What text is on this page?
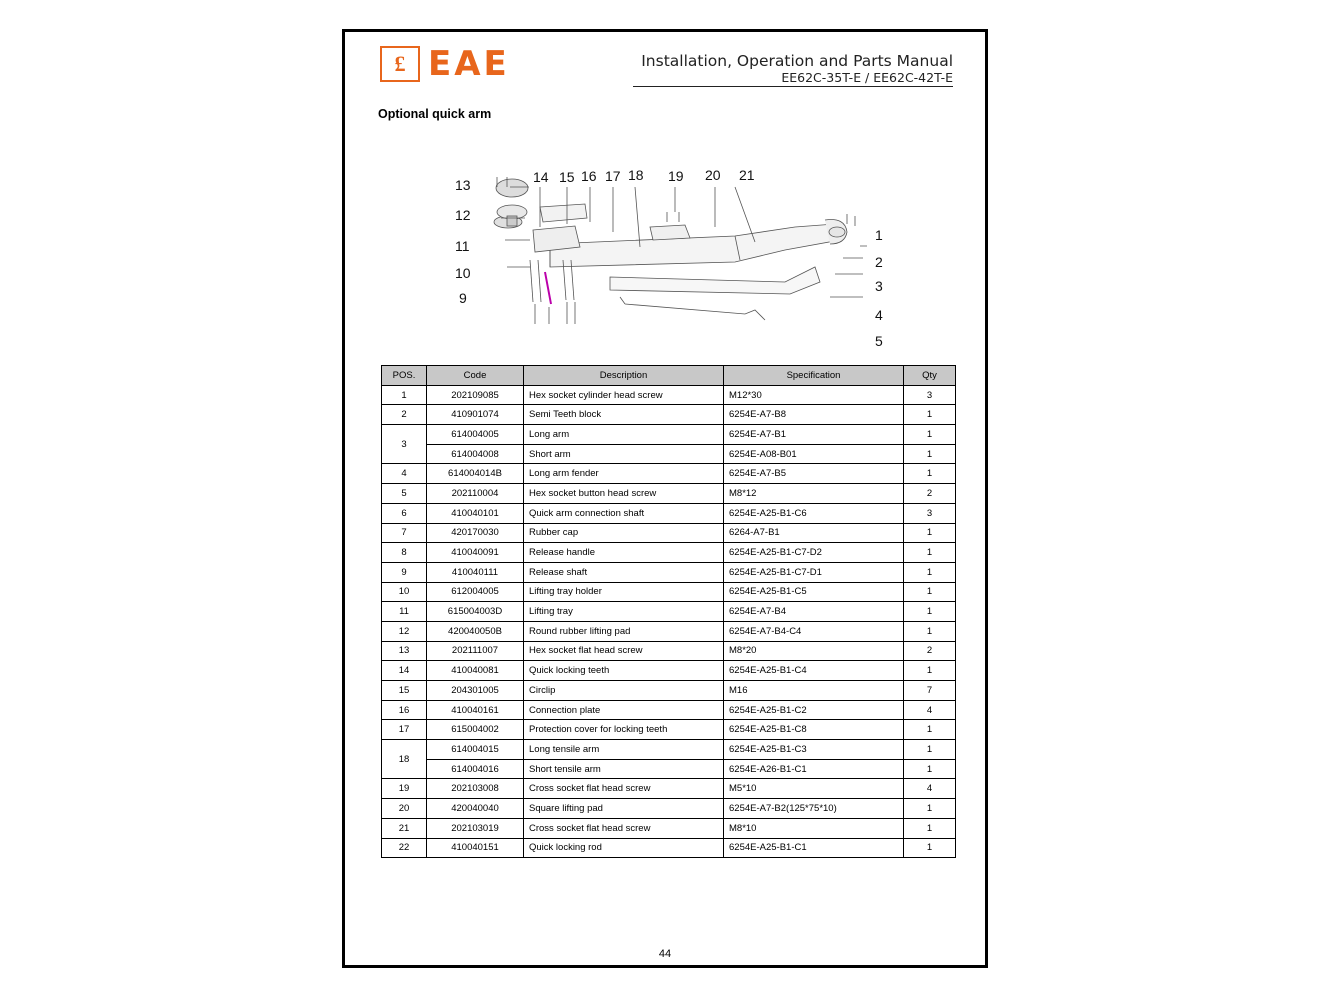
£ EAE	Installation, Operation and Parts Manual
EE62C-35T-E / EE62C-42T-E
Optional quick arm
13
12
11
10
9
14 15 16 17 18 19 20 21
1
2
3
4
5
POS.	Code	Description	Specification	Qty
1	202109085	Hex socket cylinder head screw	M12*30	3
2	410901074	Semi Teeth block	6254E-A7-B8	1
3	614004005	Long arm	6254E-A7-B1	1
	614004008	Short arm	6254E-A08-B01	1
4	614004014B	Long arm fender	6254E-A7-B5	1
5	202110004	Hex socket button head screw	M8*12	2
6	410040101	Quick arm connection shaft	6254E-A25-B1-C6	3
7	420170030	Rubber cap	6264-A7-B1	1
8	410040091	Release handle	6254E-A25-B1-C7-D2	1
9	410040111	Release shaft	6254E-A25-B1-C7-D1	1
10	612004005	Lifting tray holder	6254E-A25-B1-C5	1
11	615004003D	Lifting tray	6254E-A7-B4	1
12	420040050B	Round rubber lifting pad	6254E-A7-B4-C4	1
13	202111007	Hex socket flat head screw	M8*20	2
14	410040081	Quick locking teeth	6254E-A25-B1-C4	1
15	204301005	Circlip	M16	7
16	410040161	Connection plate	6254E-A25-B1-C2	4
17	615004002	Protection cover for locking teeth	6254E-A25-B1-C8	1
18	614004015	Long tensile arm	6254E-A25-B1-C3	1
	614004016	Short tensile arm	6254E-A26-B1-C1	1
19	202103008	Cross socket flat head screw	M5*10	4
20	420040040	Square lifting pad	6254E-A7-B2(125*75*10)	1
21	202103019	Cross socket flat head screw	M8*10	1
22	410040151	Quick locking rod	6254E-A25-B1-C1	1
44
